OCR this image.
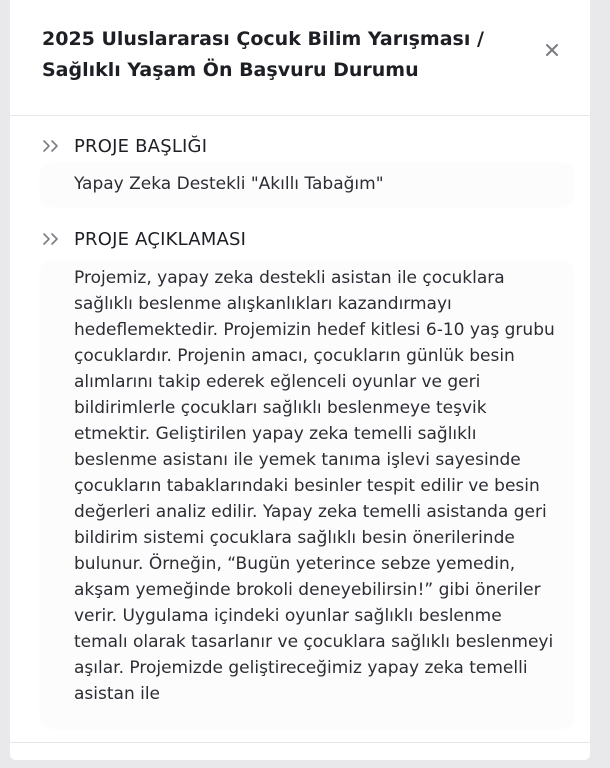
2025 Uluslararası Çocuk Bilim Yarışması / Sağlıklı Yaşam Ön Başvuru Durumu
PROJE BAŞLIĞI

Yapay Zeka Destekli "Akıllı Tabağım"

PROJE AÇIKLAMASI

Projemiz, yapay zeka destekli asistan ile çocuklara sağlıklı beslenme alışkanlıkları kazandırmayı hedeflemektedir. Projemizin hedef kitlesi 6-10 yaş grubu çocuklardır. Projenin amacı, çocukların günlük besin alımlarını takip ederek eğlenceli oyunlar ve geri bildirimlerle çocukları sağlıklı beslenmeye teşvik etmektir. Geliştirilen yapay zeka temelli sağlıklı beslenme asistanı ile yemek tanıma işlevi sayesinde çocukların tabaklarındaki besinler tespit edilir ve besin değerleri analiz edilir. Yapay zeka temelli asistanda geri bildirim sistemi çocuklara sağlıklı besin önerilerinde bulunur. Örneğin, “Bugün yeterince sebze yemedin, akşam yemeğinde brokoli deneyebilirsin!” gibi öneriler verir. Uygulama içindeki oyunlar sağlıklı beslenme temalı olarak tasarlanır ve çocuklara sağlıklı beslenmeyi aşılar. Projemizde geliştireceğimiz yapay zeka temelli asistan ile
